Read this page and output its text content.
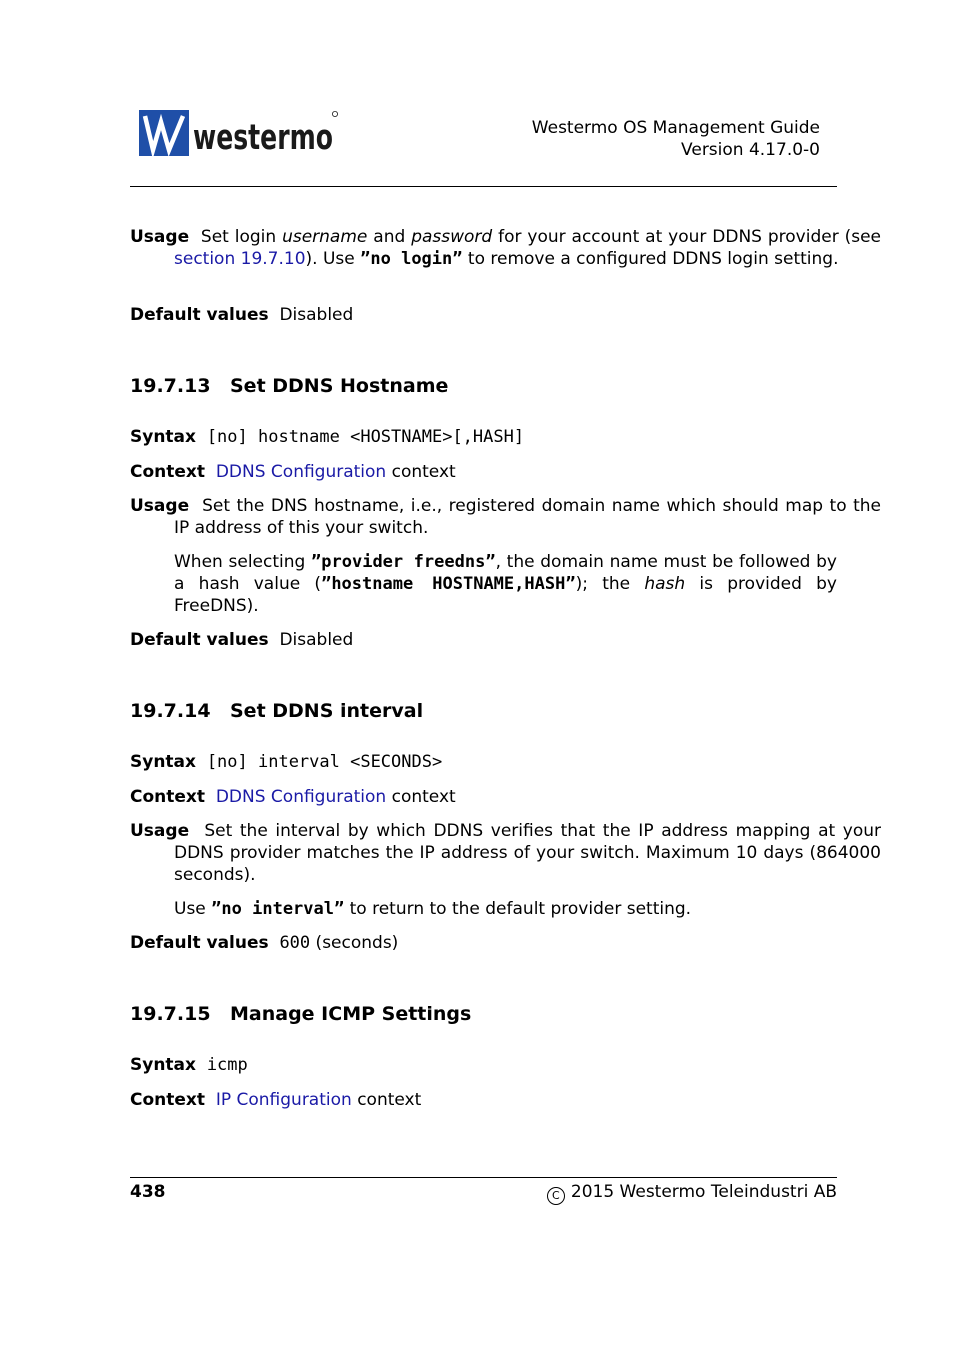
westermo	Westermo OS Management Guide
Version 4.17.0-0
Usage Set login username and password for your account at your DDNS provider (see section 19.7.10). Use ”no login” to remove a configured DDNS login setting.
Default values Disabled
19.7.13 Set DDNS Hostname
Syntax [no] hostname <HOSTNAME>[,HASH]
Context DDNS Configuration context
Usage Set the DNS hostname, i.e., registered domain name which should map to the IP address of this your switch.
When selecting ”provider freedns”, the domain name must be followed by a hash value (”hostname HOSTNAME,HASH”); the hash is provided by FreeDNS).
Default values Disabled
19.7.14 Set DDNS interval
Syntax [no] interval <SECONDS>
Context DDNS Configuration context
Usage Set the interval by which DDNS verifies that the IP address mapping at your DDNS provider matches the IP address of your switch. Maximum 10 days (864000 seconds).
Use ”no interval” to return to the default provider setting.
Default values 600 (seconds)
19.7.15 Manage ICMP Settings
Syntax icmp
Context IP Configuration context
438	C 2015 Westermo Teleindustri AB
